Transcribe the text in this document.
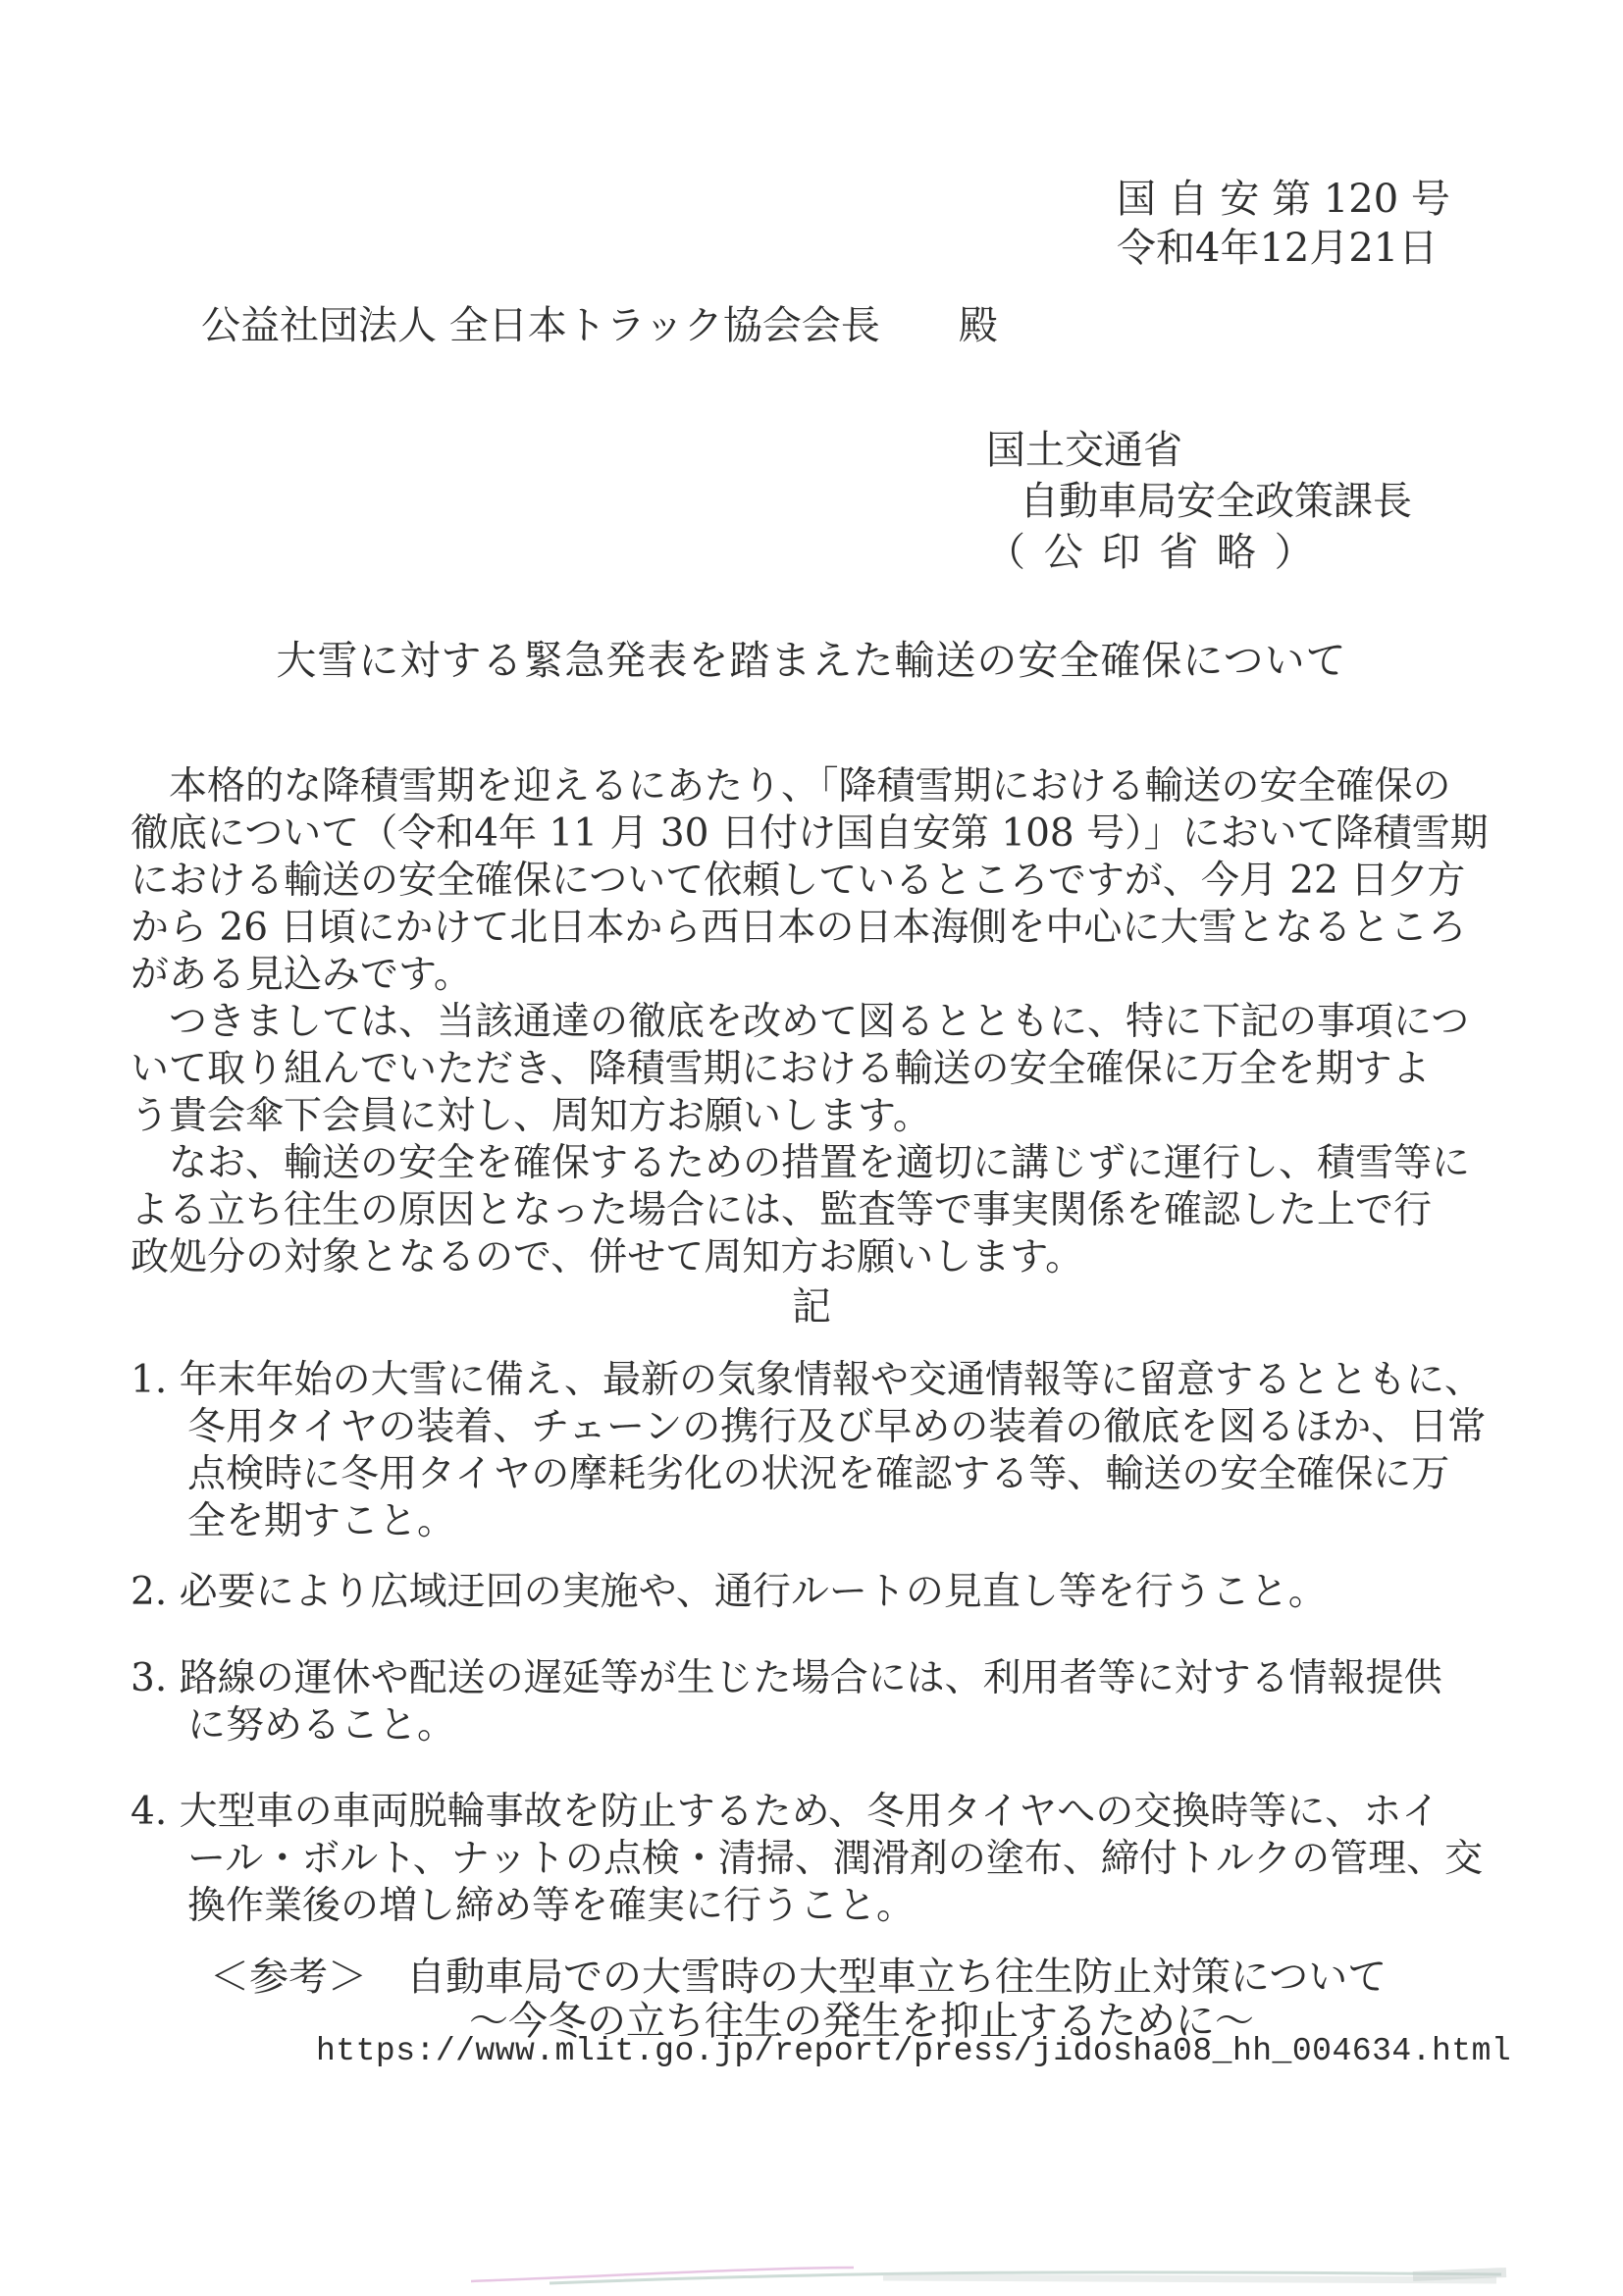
国 自 安 第 120 号
令和4年12月21日
公益社団法人 全日本トラック協会会長　　殿
国土交通省
自動車局安全政策課長
（ 公 印 省 略 ）
大雪に対する緊急発表を踏まえた輸送の安全確保について
　本格的な降積雪期を迎えるにあたり、「降積雪期における輸送の安全確保の
徹底について（令和4年 11 月 30 日付け国自安第 108 号）」において降積雪期
における輸送の安全確保について依頼しているところですが、今月 22 日夕方
から 26 日頃にかけて北日本から西日本の日本海側を中心に大雪となるところ
がある見込みです。
　つきましては、当該通達の徹底を改めて図るとともに、特に下記の事項につ
いて取り組んでいただき、降積雪期における輸送の安全確保に万全を期すよ
う貴会傘下会員に対し、周知方お願いします。
　なお、輸送の安全を確保するための措置を適切に講じずに運行し、積雪等に
よる立ち往生の原因となった場合には、監査等で事実関係を確認した上で行
政処分の対象となるので、併せて周知方お願いします。
記
1. 年末年始の大雪に備え、最新の気象情報や交通情報等に留意するとともに、
冬用タイヤの装着、チェーンの携行及び早めの装着の徹底を図るほか、日常
点検時に冬用タイヤの摩耗劣化の状況を確認する等、輸送の安全確保に万
全を期すこと。
2. 必要により広域迂回の実施や、通行ルートの見直し等を行うこと。
3. 路線の運休や配送の遅延等が生じた場合には、利用者等に対する情報提供
に努めること。
4. 大型車の車両脱輪事故を防止するため、冬用タイヤへの交換時等に、ホイ
ール・ボルト、ナットの点検・清掃、潤滑剤の塗布、締付トルクの管理、交
換作業後の増し締め等を確実に行うこと。
＜参考＞　自動車局での大雪時の大型車立ち往生防止対策について
～今冬の立ち往生の発生を抑止するために～
https://www.mlit.go.jp/report/press/jidosha08_hh_004634.html
